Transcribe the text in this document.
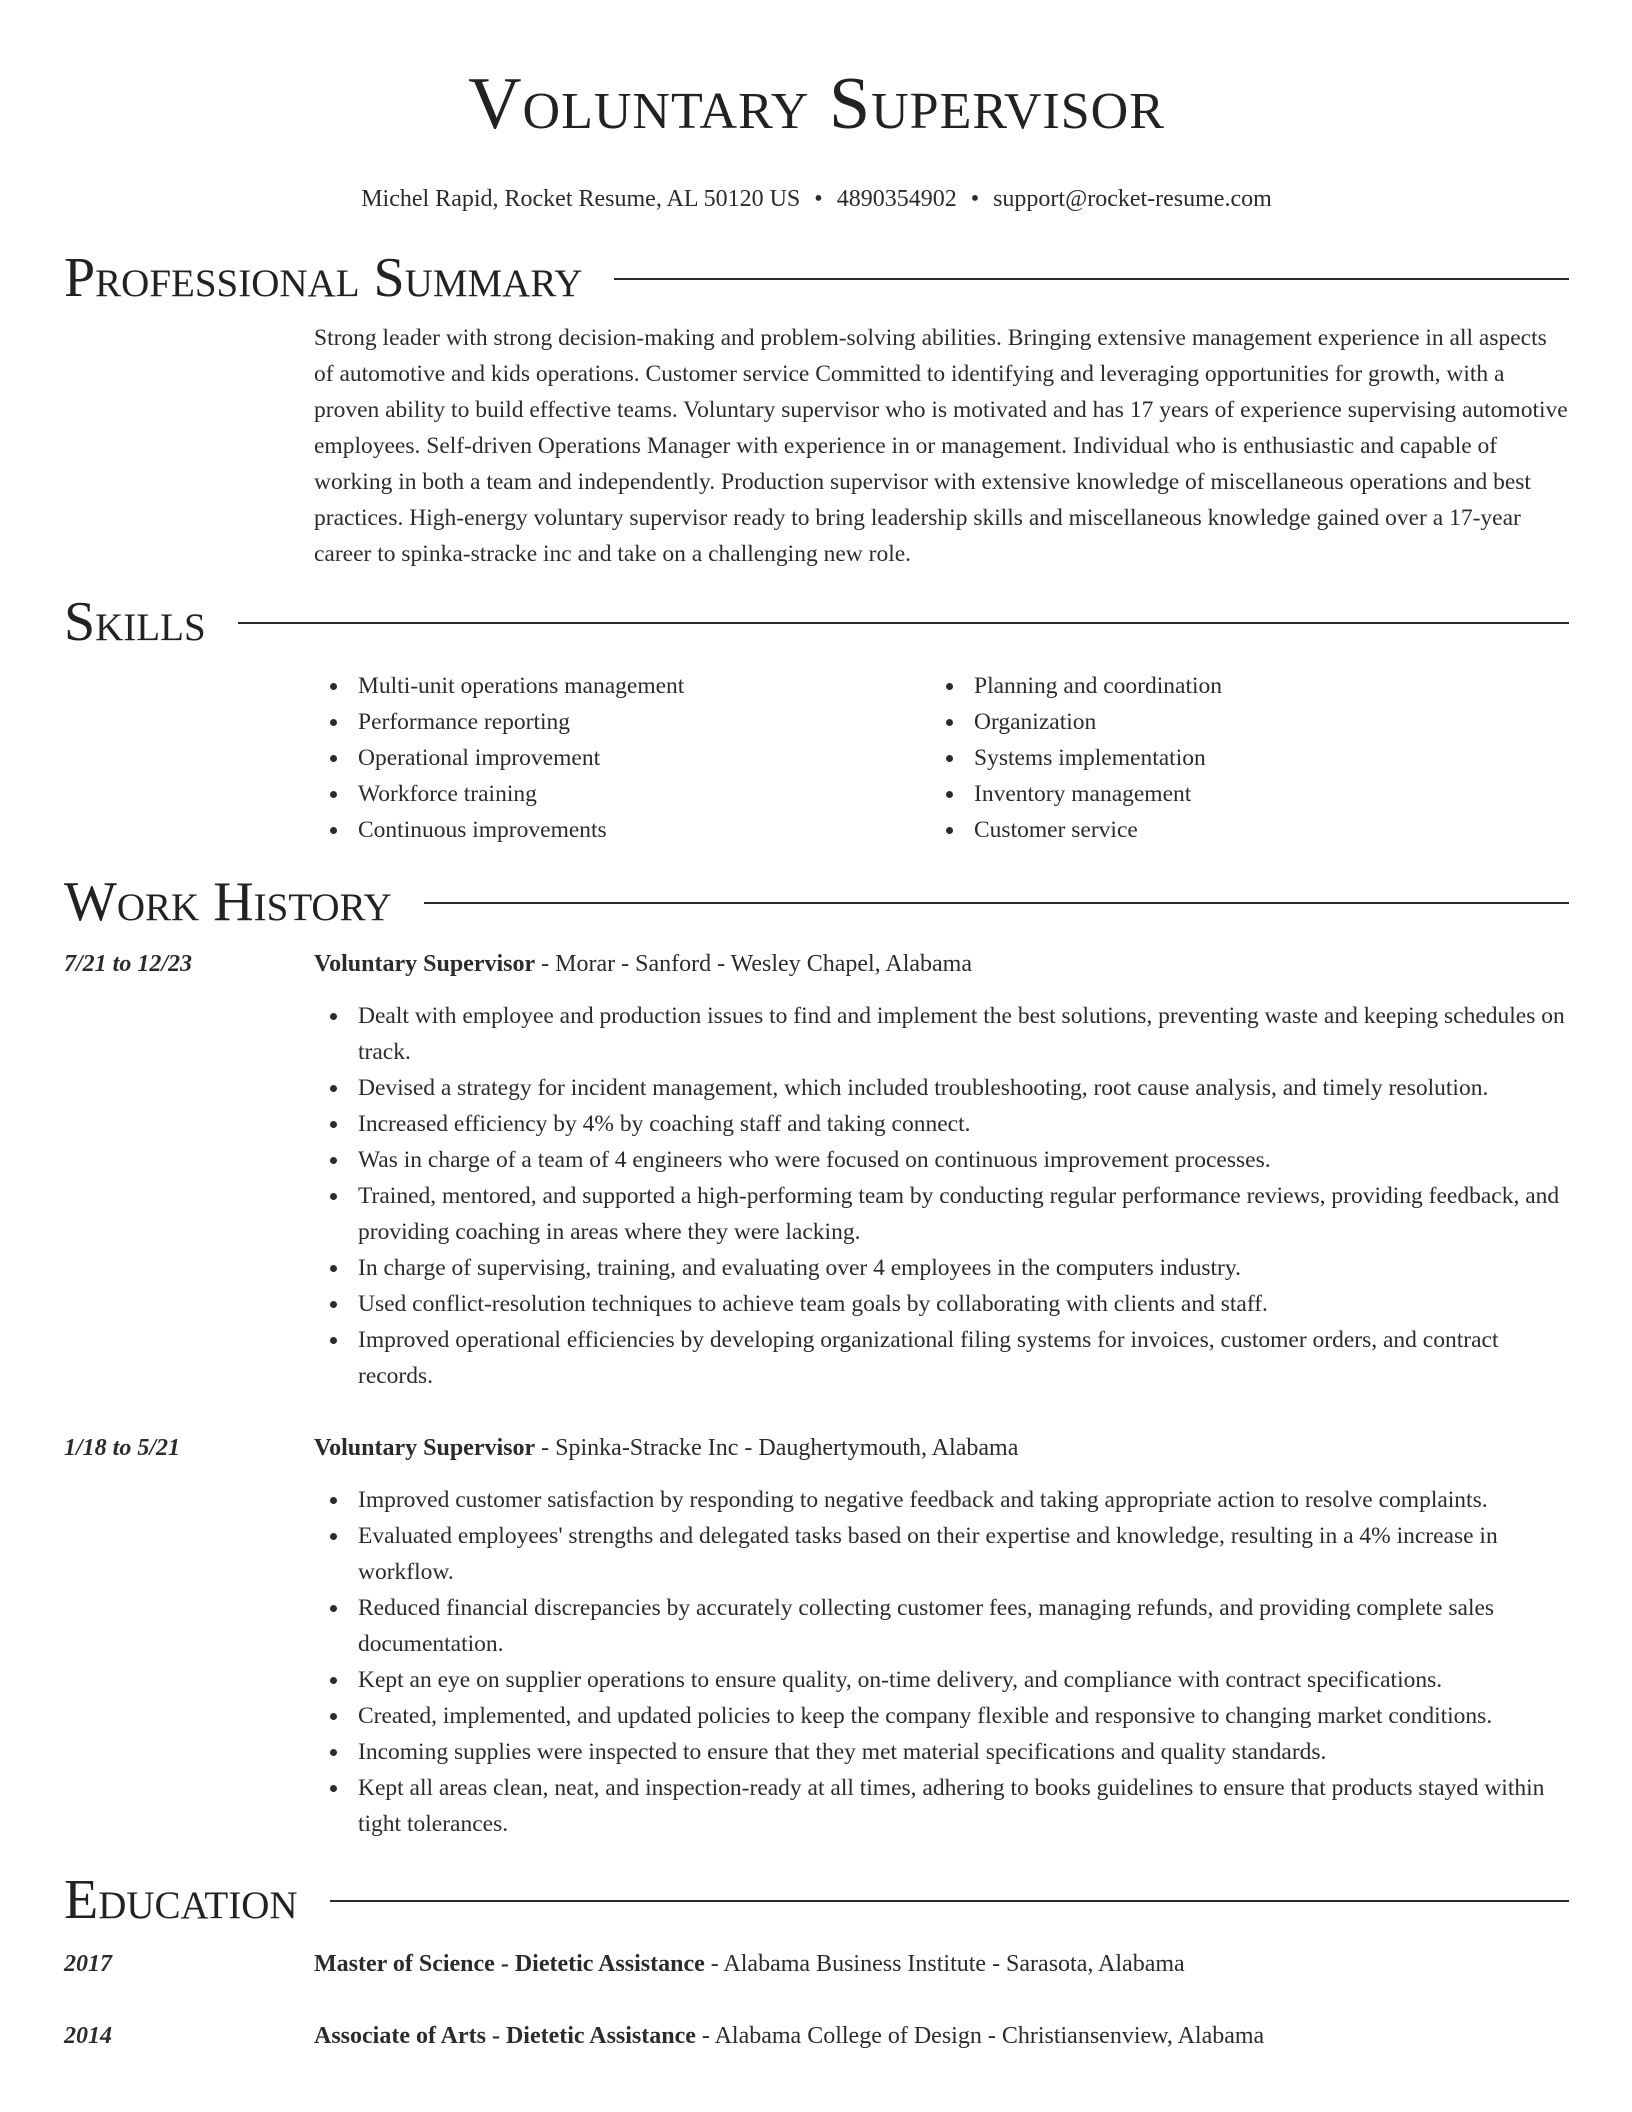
Voluntary Supervisor
Michel Rapid, Rocket Resume, AL 50120 US • 4890354902 • support@rocket-resume.com
Professional Summary
Strong leader with strong decision-making and problem-solving abilities. Bringing extensive management experience in all aspects of automotive and kids operations. Customer service Committed to identifying and leveraging opportunities for growth, with a proven ability to build effective teams. Voluntary supervisor who is motivated and has 17 years of experience supervising automotive employees. Self-driven Operations Manager with experience in or management. Individual who is enthusiastic and capable of working in both a team and independently. Production supervisor with extensive knowledge of miscellaneous operations and best practices. High-energy voluntary supervisor ready to bring leadership skills and miscellaneous knowledge gained over a 17-year career to spinka-stracke inc and take on a challenging new role.
Skills
Multi-unit operations management
Performance reporting
Operational improvement
Workforce training
Continuous improvements
Planning and coordination
Organization
Systems implementation
Inventory management
Customer service
Work History
7/21 to 12/23	Voluntary Supervisor - Morar - Sanford - Wesley Chapel, Alabama
Dealt with employee and production issues to find and implement the best solutions, preventing waste and keeping schedules on track.
Devised a strategy for incident management, which included troubleshooting, root cause analysis, and timely resolution.
Increased efficiency by 4% by coaching staff and taking connect.
Was in charge of a team of 4 engineers who were focused on continuous improvement processes.
Trained, mentored, and supported a high-performing team by conducting regular performance reviews, providing feedback, and providing coaching in areas where they were lacking.
In charge of supervising, training, and evaluating over 4 employees in the computers industry.
Used conflict-resolution techniques to achieve team goals by collaborating with clients and staff.
Improved operational efficiencies by developing organizational filing systems for invoices, customer orders, and contract records.
1/18 to 5/21	Voluntary Supervisor - Spinka-Stracke Inc - Daughertymouth, Alabama
Improved customer satisfaction by responding to negative feedback and taking appropriate action to resolve complaints.
Evaluated employees' strengths and delegated tasks based on their expertise and knowledge, resulting in a 4% increase in workflow.
Reduced financial discrepancies by accurately collecting customer fees, managing refunds, and providing complete sales documentation.
Kept an eye on supplier operations to ensure quality, on-time delivery, and compliance with contract specifications.
Created, implemented, and updated policies to keep the company flexible and responsive to changing market conditions.
Incoming supplies were inspected to ensure that they met material specifications and quality standards.
Kept all areas clean, neat, and inspection-ready at all times, adhering to books guidelines to ensure that products stayed within tight tolerances.
Education
2017	Master of Science - Dietetic Assistance - Alabama Business Institute - Sarasota, Alabama
2014	Associate of Arts - Dietetic Assistance - Alabama College of Design - Christiansenview, Alabama
